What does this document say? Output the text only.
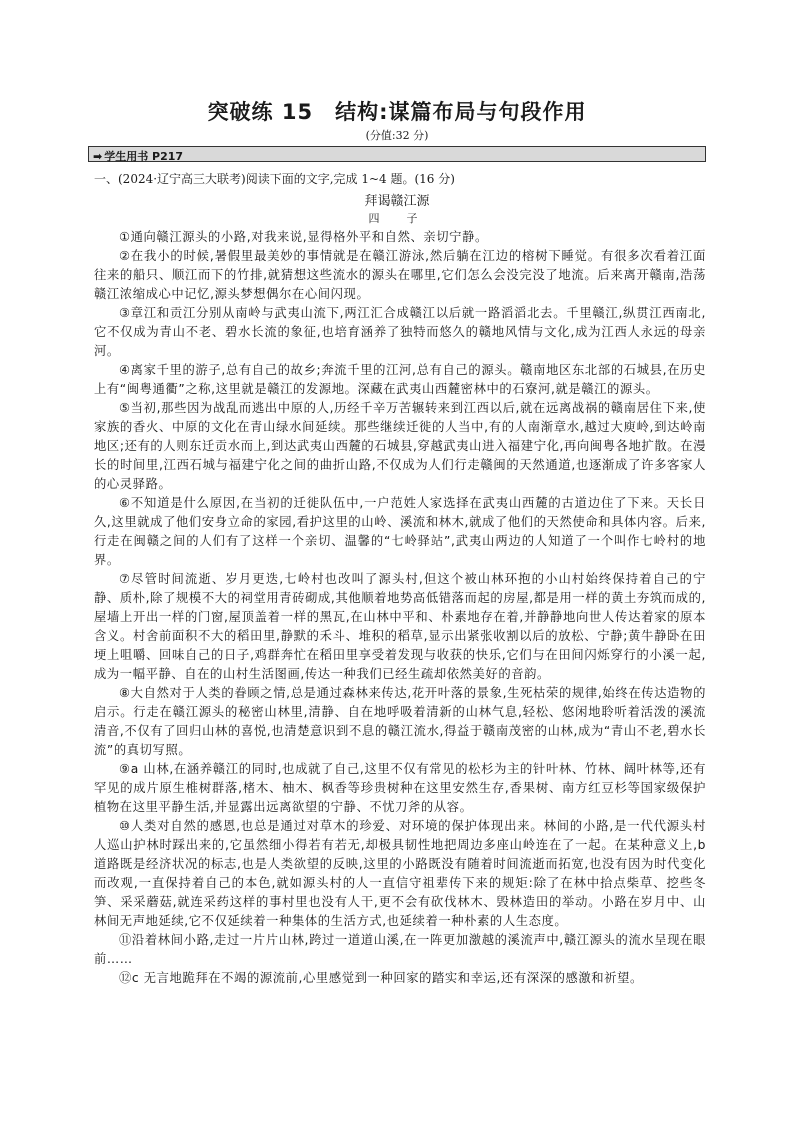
突破练 15　结构:谋篇布局与句段作用
(分值:32 分)
➡ 学生用书 P217
一、(2024·辽宁高三大联考)阅读下面的文字,完成 1~4 题。(16 分)
拜谒赣江源
四　子

①通向赣江源头的小路,对我来说,显得格外平和自然、亲切宁静。

②在我小的时候,暑假里最美妙的事情就是在赣江游泳,然后躺在江边的榕树下睡觉。有很多次看着江面往来的船只、顺江而下的竹排,就猜想这些流水的源头在哪里,它们怎么会没完没了地流。后来离开赣南,浩荡赣江浓缩成心中记忆,源头梦想偶尔在心间闪现。

③章江和贡江分别从南岭与武夷山流下,两江汇合成赣江以后就一路滔滔北去。千里赣江,纵贯江西南北,它不仅成为青山不老、碧水长流的象征,也培育涵养了独特而悠久的赣地风情与文化,成为江西人永远的母亲河。

④离家千里的游子,总有自己的故乡;奔流千里的江河,总有自己的源头。赣南地区东北部的石城县,在历史上有“闽粤通衢”之称,这里就是赣江的发源地。深藏在武夷山西麓密林中的石寮河,就是赣江的源头。

⑤当初,那些因为战乱而逃出中原的人,历经千辛万苦辗转来到江西以后,就在远离战祸的赣南居住下来,使家族的香火、中原的文化在青山绿水间延续。那些继续迁徙的人当中,有的人南渐章水,越过大庾岭,到达岭南地区;还有的人则东迁贡水而上,到达武夷山西麓的石城县,穿越武夷山进入福建宁化,再向闽粤各地扩散。在漫长的时间里,江西石城与福建宁化之间的曲折山路,不仅成为人们行走赣闽的天然通道,也逐渐成了许多客家人的心灵驿路。

⑥不知道是什么原因,在当初的迁徙队伍中,一户范姓人家选择在武夷山西麓的古道边住了下来。天长日久,这里就成了他们安身立命的家园,看护这里的山岭、溪流和林木,就成了他们的天然使命和具体内容。后来,行走在闽赣之间的人们有了这样一个亲切、温馨的“七岭驿站”,武夷山两边的人知道了一个叫作七岭村的地界。

⑦尽管时间流逝、岁月更迭,七岭村也改叫了源头村,但这个被山林环抱的小山村始终保持着自己的宁静、质朴,除了规模不大的祠堂用青砖砌成,其他顺着地势高低错落而起的房屋,都是用一样的黄土夯筑而成的,屋墙上开出一样的门窗,屋顶盖着一样的黑瓦,在山林中平和、朴素地存在着,并静静地向世人传达着家的原本含义。村舍前面积不大的稻田里,静默的禾斗、堆积的稻草,显示出紧张收割以后的放松、宁静;黄牛静卧在田埂上咀嚼、回味自己的日子,鸡群奔忙在稻田里享受着发现与收获的快乐,它们与在田间闪烁穿行的小溪一起,成为一幅平静、自在的山村生活图画,传达一种我们已经生疏却依然美好的音韵。

⑧大自然对于人类的眷顾之情,总是通过森林来传达,花开叶落的景象,生死枯荣的规律,始终在传达造物的启示。行走在赣江源头的秘密山林里,清静、自在地呼吸着清新的山林气息,轻松、悠闲地聆听着活泼的溪流清音,不仅有了回归山林的喜悦,也清楚意识到不息的赣江流水,得益于赣南茂密的山林,成为“青山不老,碧水长流”的真切写照。

⑨a 山林,在涵养赣江的同时,也成就了自己,这里不仅有常见的松杉为主的针叶林、竹林、阔叶林等,还有罕见的成片原生椎树群落,楮木、柚木、枫香等珍贵树种在这里安然生存,香果树、南方红豆杉等国家级保护植物在这里平静生活,并显露出远离欲望的宁静、不忧刀斧的从容。

⑩人类对自然的感恩,也总是通过对草木的珍爱、对环境的保护体现出来。林间的小路,是一代代源头村人巡山护林时踩出来的,它虽然细小得若有若无,却极具韧性地把周边多座山岭连在了一起。在某种意义上,b 道路既是经济状况的标志,也是人类欲望的反映,这里的小路既没有随着时间流逝而拓宽,也没有因为时代变化而改观,一直保持着自己的本色,就如源头村的人一直信守祖辈传下来的规矩:除了在林中拾点柴草、挖些冬笋、采采蘑菇,就连采药这样的事村里也没有人干,更不会有砍伐林木、毁林造田的举动。小路在岁月中、山林间无声地延续,它不仅延续着一种集体的生活方式,也延续着一种朴素的人生态度。

⑪沿着林间小路,走过一片片山林,跨过一道道山溪,在一阵更加激越的溪流声中,赣江源头的流水呈现在眼前……

⑫c 无言地跪拜在不竭的源流前,心里感觉到一种回家的踏实和幸运,还有深深的感激和祈望。
